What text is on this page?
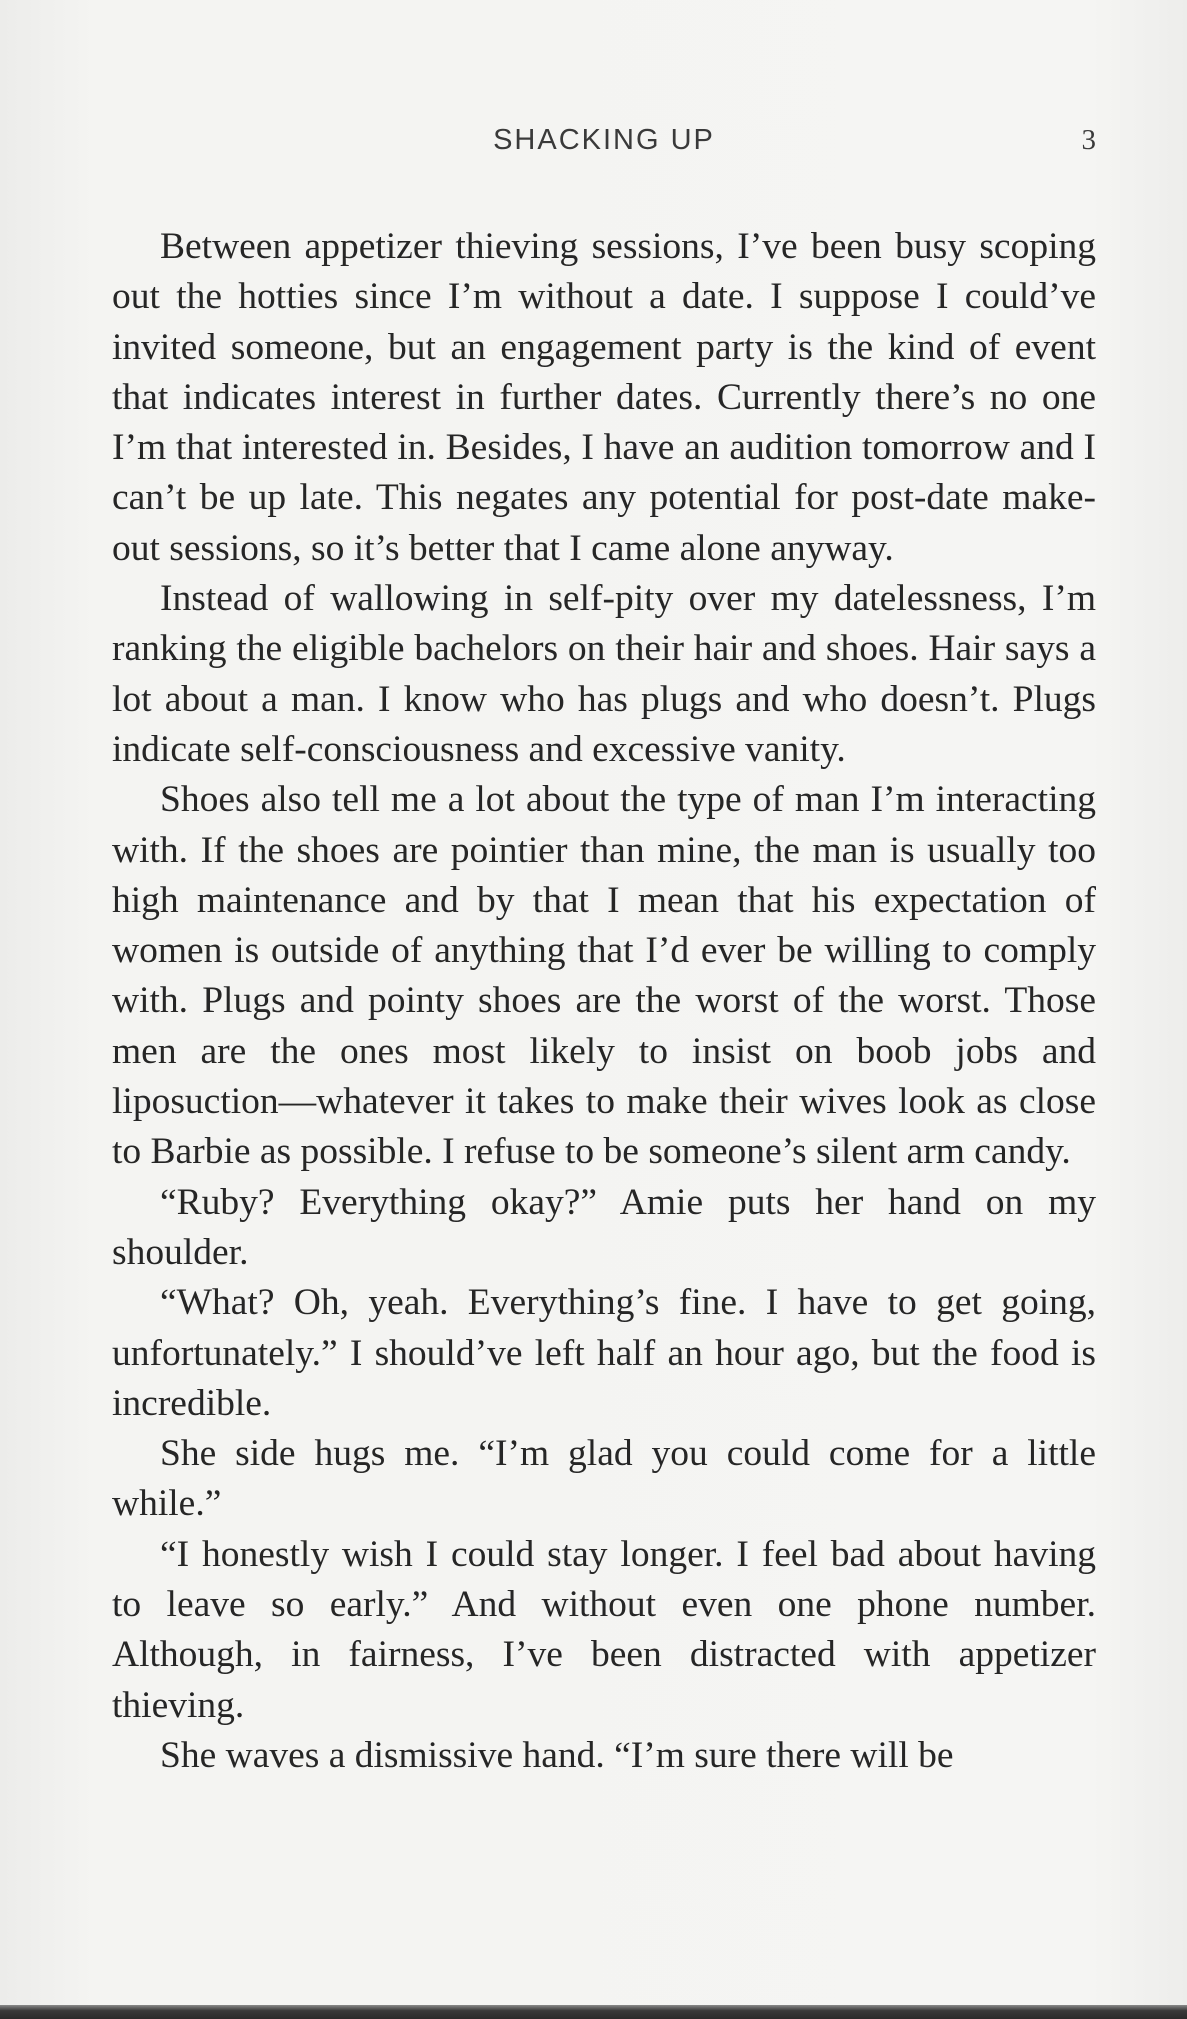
SHACKING UP	3

Between appetizer thieving sessions, I’ve been busy scoping out the hotties since I’m without a date. I suppose I could’ve invited someone, but an engagement party is the kind of event that indicates interest in further dates. Currently there’s no one I’m that interested in. Besides, I have an audition tomorrow and I can’t be up late. This negates any potential for post-date make-out sessions, so it’s better that I came alone anyway.

Instead of wallowing in self-pity over my datelessness, I’m ranking the eligible bachelors on their hair and shoes. Hair says a lot about a man. I know who has plugs and who doesn’t. Plugs indicate self-consciousness and excessive vanity.

Shoes also tell me a lot about the type of man I’m interacting with. If the shoes are pointier than mine, the man is usually too high maintenance and by that I mean that his expectation of women is outside of anything that I’d ever be willing to comply with. Plugs and pointy shoes are the worst of the worst. Those men are the ones most likely to insist on boob jobs and liposuction—whatever it takes to make their wives look as close to Barbie as possible. I refuse to be someone’s silent arm candy.

“Ruby? Everything okay?” Amie puts her hand on my shoulder.

“What? Oh, yeah. Everything’s fine. I have to get going, unfortunately.” I should’ve left half an hour ago, but the food is incredible.

She side hugs me. “I’m glad you could come for a little while.”

“I honestly wish I could stay longer. I feel bad about having to leave so early.” And without even one phone number. Although, in fairness, I’ve been distracted with appetizer thieving.

She waves a dismissive hand. “I’m sure there will be
